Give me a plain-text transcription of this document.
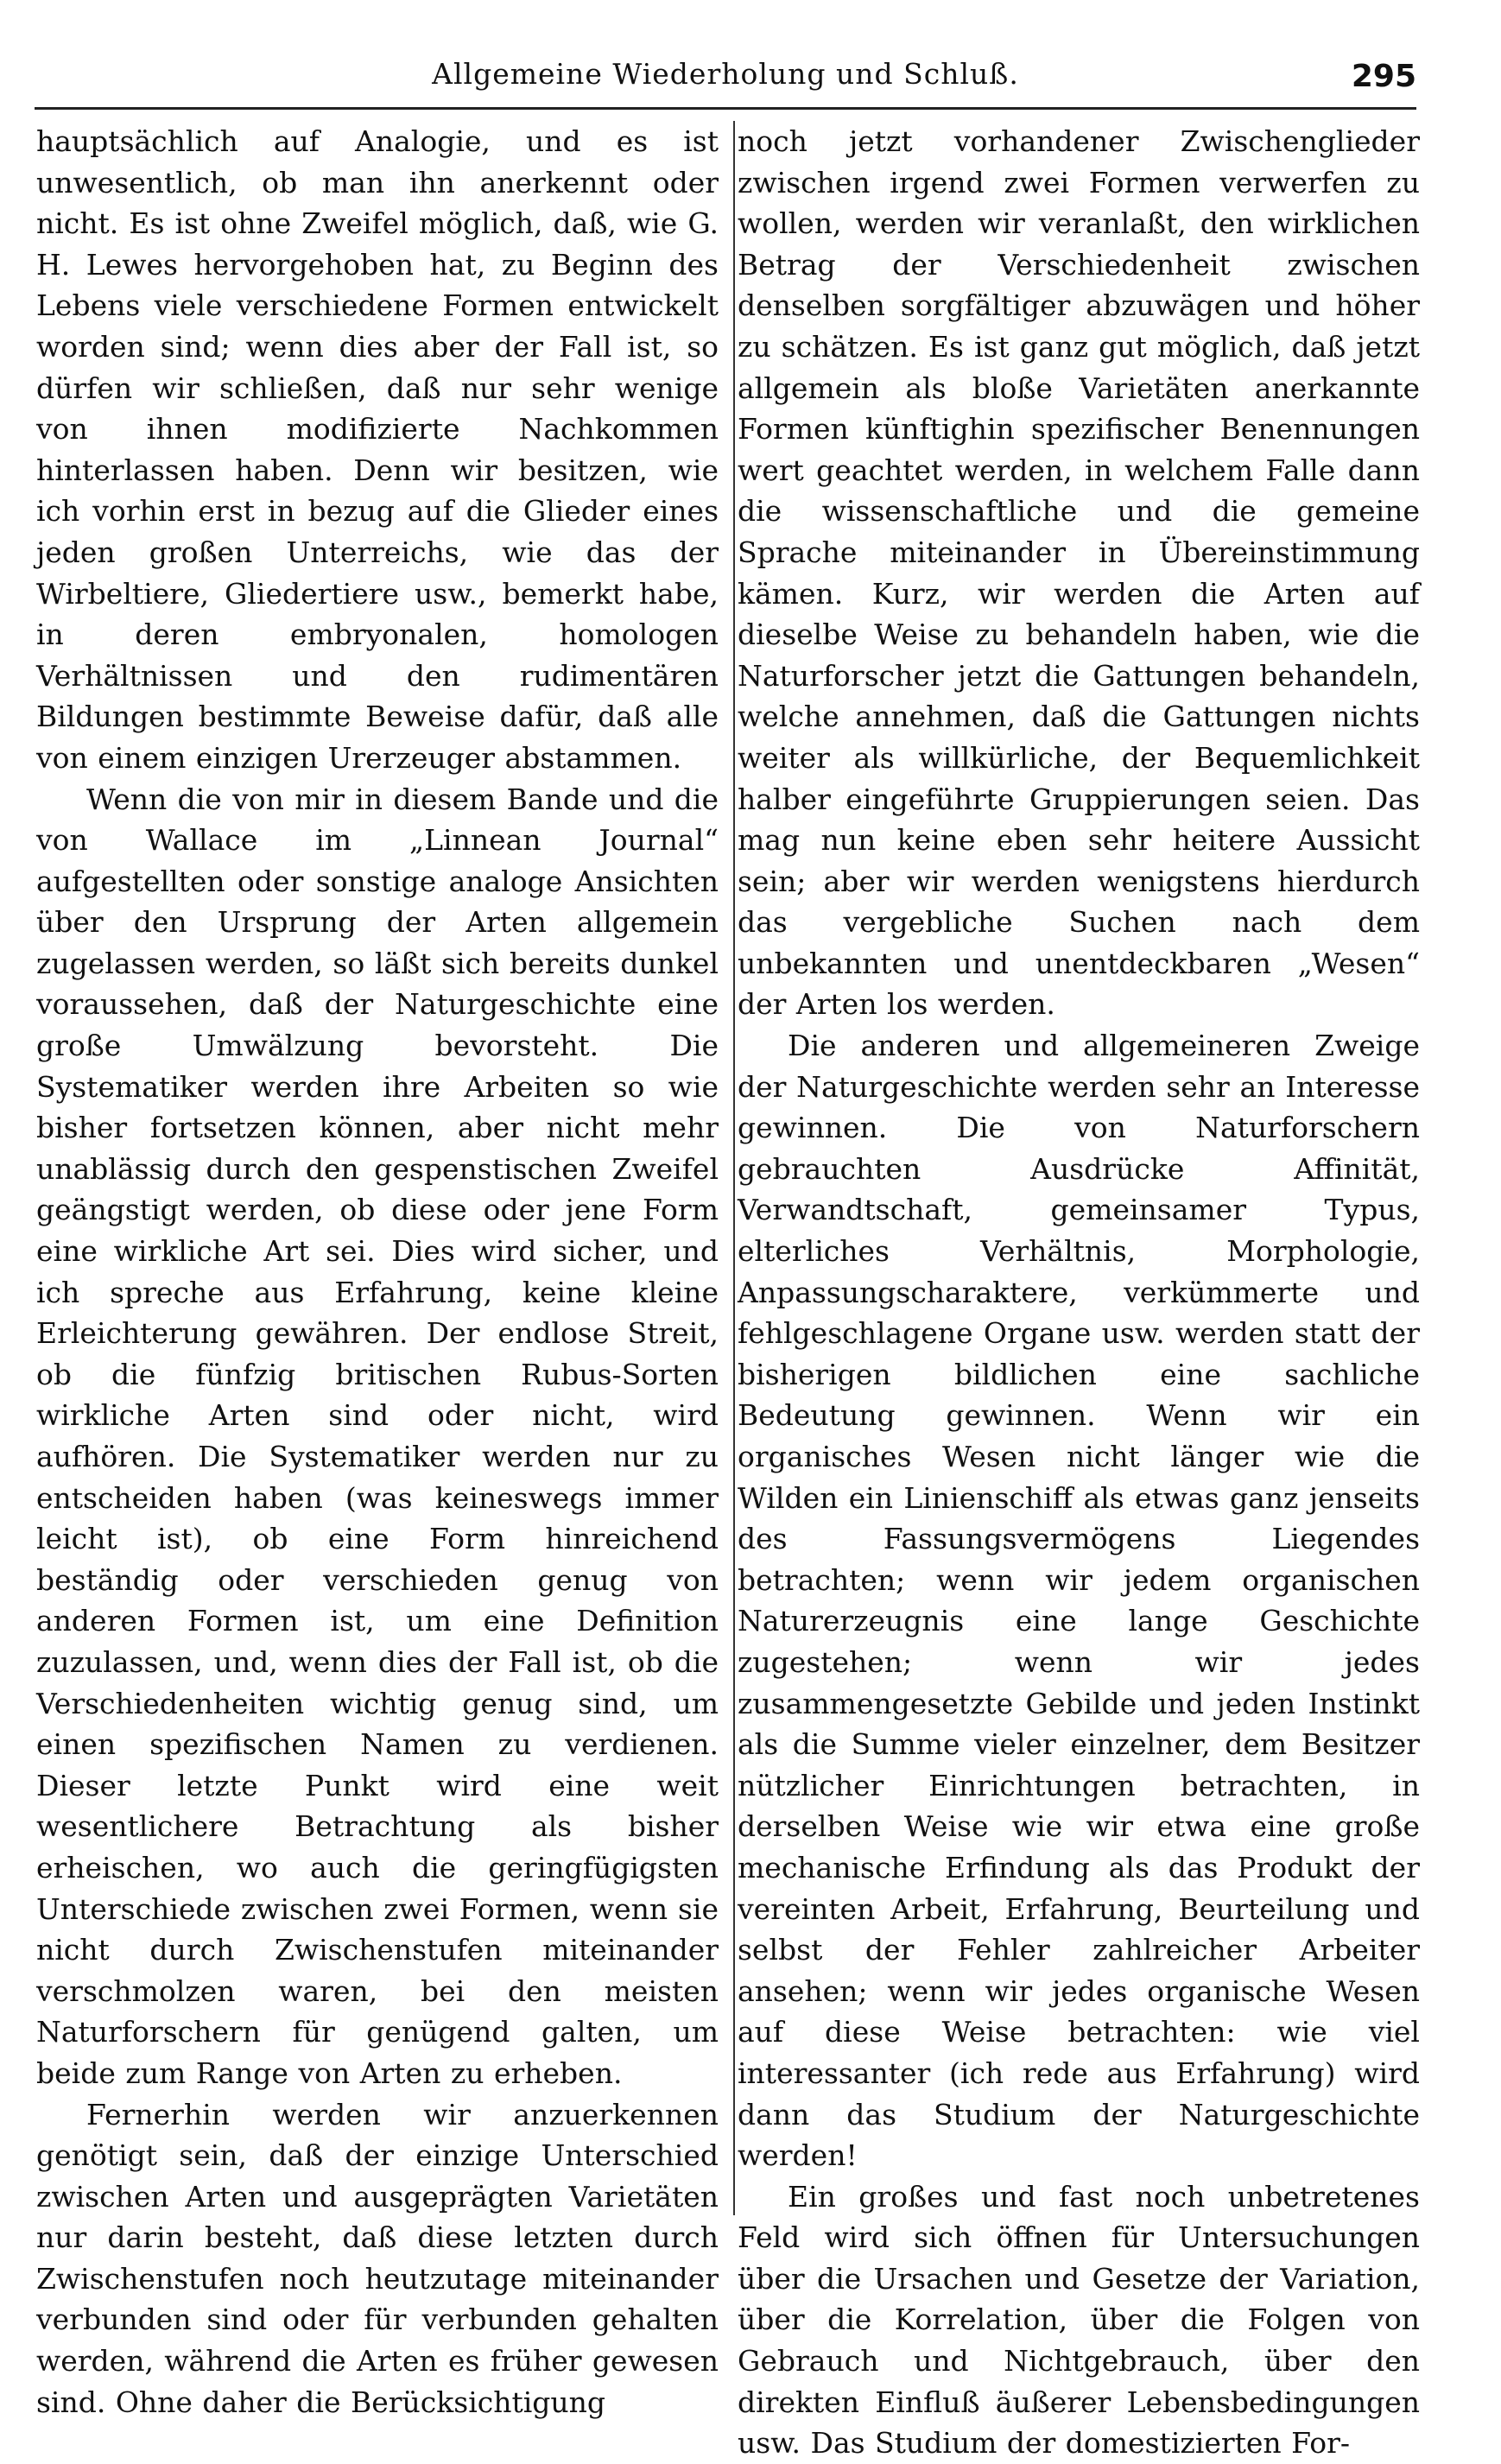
Allgemeine Wiederholung und Schluß.	295

hauptsächlich auf Analogie, und es ist unwesentlich, ob man ihn anerkennt oder nicht. Es ist ohne Zweifel möglich, daß, wie G. H. Lewes hervorgehoben hat, zu Beginn des Lebens viele verschiedene Formen entwickelt worden sind; wenn dies aber der Fall ist, so dürfen wir schließen, daß nur sehr wenige von ihnen modifizierte Nachkommen hinterlassen haben. Denn wir besitzen, wie ich vorhin erst in bezug auf die Glieder eines jeden großen Unterreichs, wie das der Wirbeltiere, Gliedertiere usw., bemerkt habe, in deren embryonalen, homologen Verhältnissen und den rudimentären Bildungen bestimmte Beweise dafür, daß alle von einem einzigen Urerzeuger abstammen.

Wenn die von mir in diesem Bande und die von Wallace im „Linnean Journal“ aufgestellten oder sonstige analoge Ansichten über den Ursprung der Arten allgemein zugelassen werden, so läßt sich bereits dunkel voraussehen, daß der Naturgeschichte eine große Umwälzung bevorsteht. Die Systematiker werden ihre Arbeiten so wie bisher fortsetzen können, aber nicht mehr unablässig durch den gespenstischen Zweifel geängstigt werden, ob diese oder jene Form eine wirkliche Art sei. Dies wird sicher, und ich spreche aus Erfahrung, keine kleine Erleichterung gewähren. Der endlose Streit, ob die fünfzig britischen Rubus-Sorten wirkliche Arten sind oder nicht, wird aufhören. Die Systematiker werden nur zu entscheiden haben (was keineswegs immer leicht ist), ob eine Form hinreichend beständig oder verschieden genug von anderen Formen ist, um eine Definition zuzulassen, und, wenn dies der Fall ist, ob die Verschiedenheiten wichtig genug sind, um einen spezifischen Namen zu verdienen. Dieser letzte Punkt wird eine weit wesentlichere Betrachtung als bisher erheischen, wo auch die geringfügigsten Unterschiede zwischen zwei Formen, wenn sie nicht durch Zwischenstufen miteinander verschmolzen waren, bei den meisten Naturforschern für genügend galten, um beide zum Range von Arten zu erheben.

Fernerhin werden wir anzuerkennen genötigt sein, daß der einzige Unterschied zwischen Arten und ausgeprägten Varietäten nur darin besteht, daß diese letzten durch Zwischenstufen noch heutzutage miteinander verbunden sind oder für verbunden gehalten werden, während die Arten es früher gewesen sind. Ohne daher die Berücksichtigung

noch jetzt vorhandener Zwischenglieder zwischen irgend zwei Formen verwerfen zu wollen, werden wir veranlaßt, den wirklichen Betrag der Verschiedenheit zwischen denselben sorgfältiger abzuwägen und höher zu schätzen. Es ist ganz gut möglich, daß jetzt allgemein als bloße Varietäten anerkannte Formen künftighin spezifischer Benennungen wert geachtet werden, in welchem Falle dann die wissenschaftliche und die gemeine Sprache miteinander in Übereinstimmung kämen. Kurz, wir werden die Arten auf dieselbe Weise zu behandeln haben, wie die Naturforscher jetzt die Gattungen behandeln, welche annehmen, daß die Gattungen nichts weiter als willkürliche, der Bequemlichkeit halber eingeführte Gruppierungen seien. Das mag nun keine eben sehr heitere Aussicht sein; aber wir werden wenigstens hierdurch das vergebliche Suchen nach dem unbekannten und unentdeckbaren „Wesen“ der Arten los werden.

Die anderen und allgemeineren Zweige der Naturgeschichte werden sehr an Interesse gewinnen. Die von Naturforschern gebrauchten Ausdrücke Affinität, Verwandtschaft, gemeinsamer Typus, elterliches Verhältnis, Morphologie, Anpassungscharaktere, verkümmerte und fehlgeschlagene Organe usw. werden statt der bisherigen bildlichen eine sachliche Bedeutung gewinnen. Wenn wir ein organisches Wesen nicht länger wie die Wilden ein Linienschiff als etwas ganz jenseits des Fassungsvermögens Liegendes betrachten; wenn wir jedem organischen Naturerzeugnis eine lange Geschichte zugestehen; wenn wir jedes zusammengesetzte Gebilde und jeden Instinkt als die Summe vieler einzelner, dem Besitzer nützlicher Einrichtungen betrachten, in derselben Weise wie wir etwa eine große mechanische Erfindung als das Produkt der vereinten Arbeit, Erfahrung, Beurteilung und selbst der Fehler zahlreicher Arbeiter ansehen; wenn wir jedes organische Wesen auf diese Weise betrachten: wie viel interessanter (ich rede aus Erfahrung) wird dann das Studium der Naturgeschichte werden!

Ein großes und fast noch unbetretenes Feld wird sich öffnen für Untersuchungen über die Ursachen und Gesetze der Variation, über die Korrelation, über die Folgen von Gebrauch und Nichtgebrauch, über den direkten Einfluß äußerer Lebensbedingungen usw. Das Studium der domestizierten For-
